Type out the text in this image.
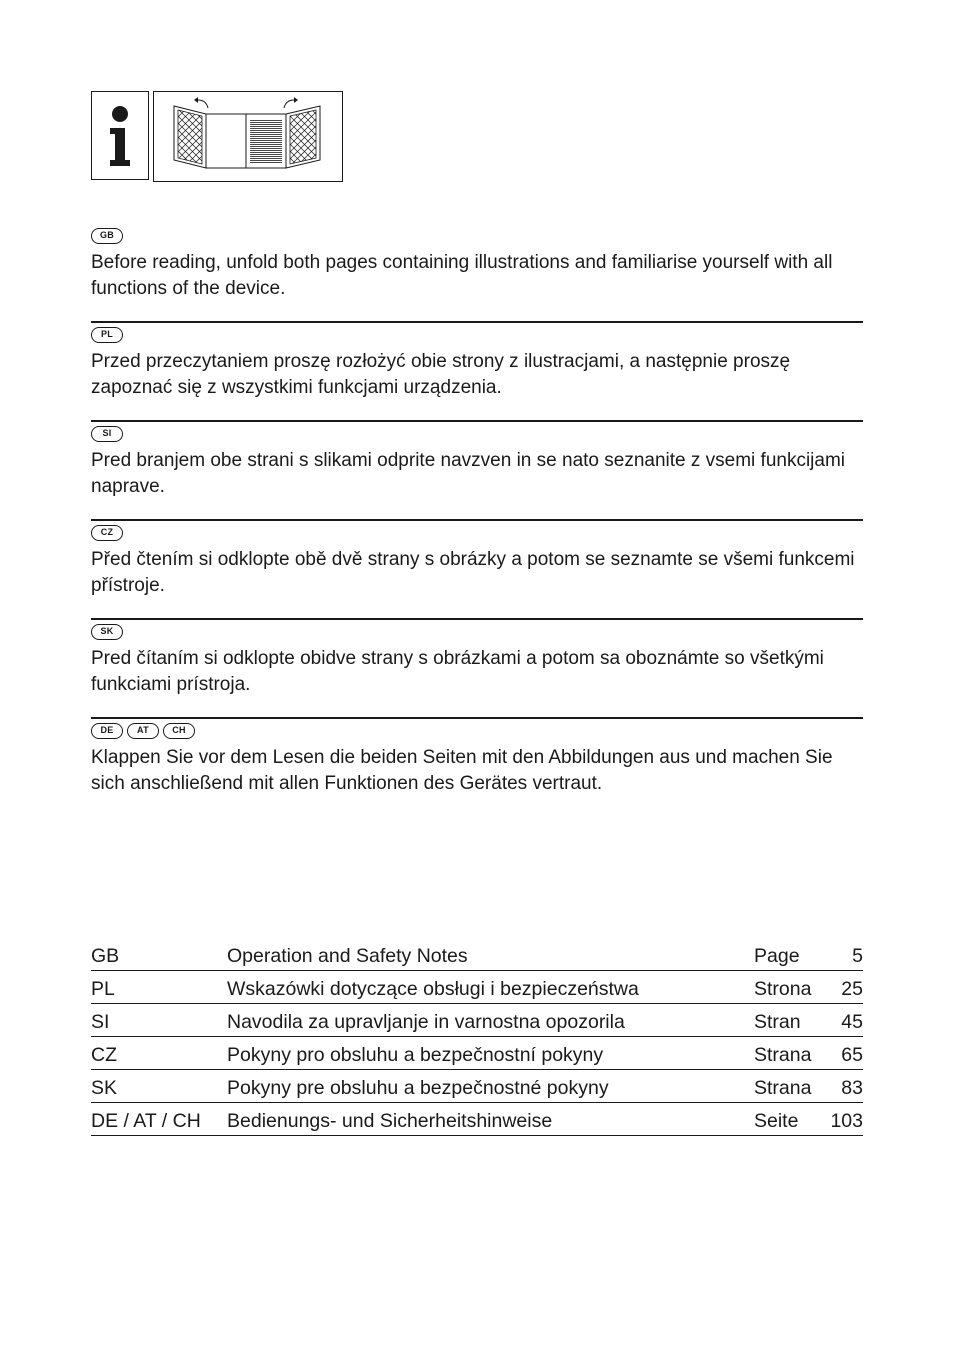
GB

Before reading, unfold both pages containing illustrations and familiarise yourself with all functions of the device.

PL

Przed przeczytaniem proszę rozłożyć obie strony z ilustracjami, a następnie proszę zapoznać się z wszystkimi funkcjami urządzenia.

SI

Pred branjem obe strani s slikami odprite navzven in se nato seznanite z vsemi funkcijami naprave.

CZ

Před čtením si odklopte obě dvě strany s obrázky a potom se seznamte se všemi funkcemi přístroje.

SK

Pred čítaním si odklopte obidve strany s obrázkami a potom sa oboznámte so všetkými funkciami prístroja.

DE	AT	CH

Klappen Sie vor dem Lesen die beiden Seiten mit den Abbildungen aus und machen Sie sich anschließend mit allen Funktionen des Gerätes vertraut.

GB	Operation and Safety Notes	Page	5
PL	Wskazówki dotyczące obsługi i bezpieczeństwa	Strona	25
SI	Navodila za upravljanje in varnostna opozorila	Stran	45
CZ	Pokyny pro obsluhu a bezpečnostní pokyny	Strana	65
SK	Pokyny pre obsluhu a bezpečnostné pokyny	Strana	83
DE / AT / CH	Bedienungs- und Sicherheitshinweise	Seite	103
